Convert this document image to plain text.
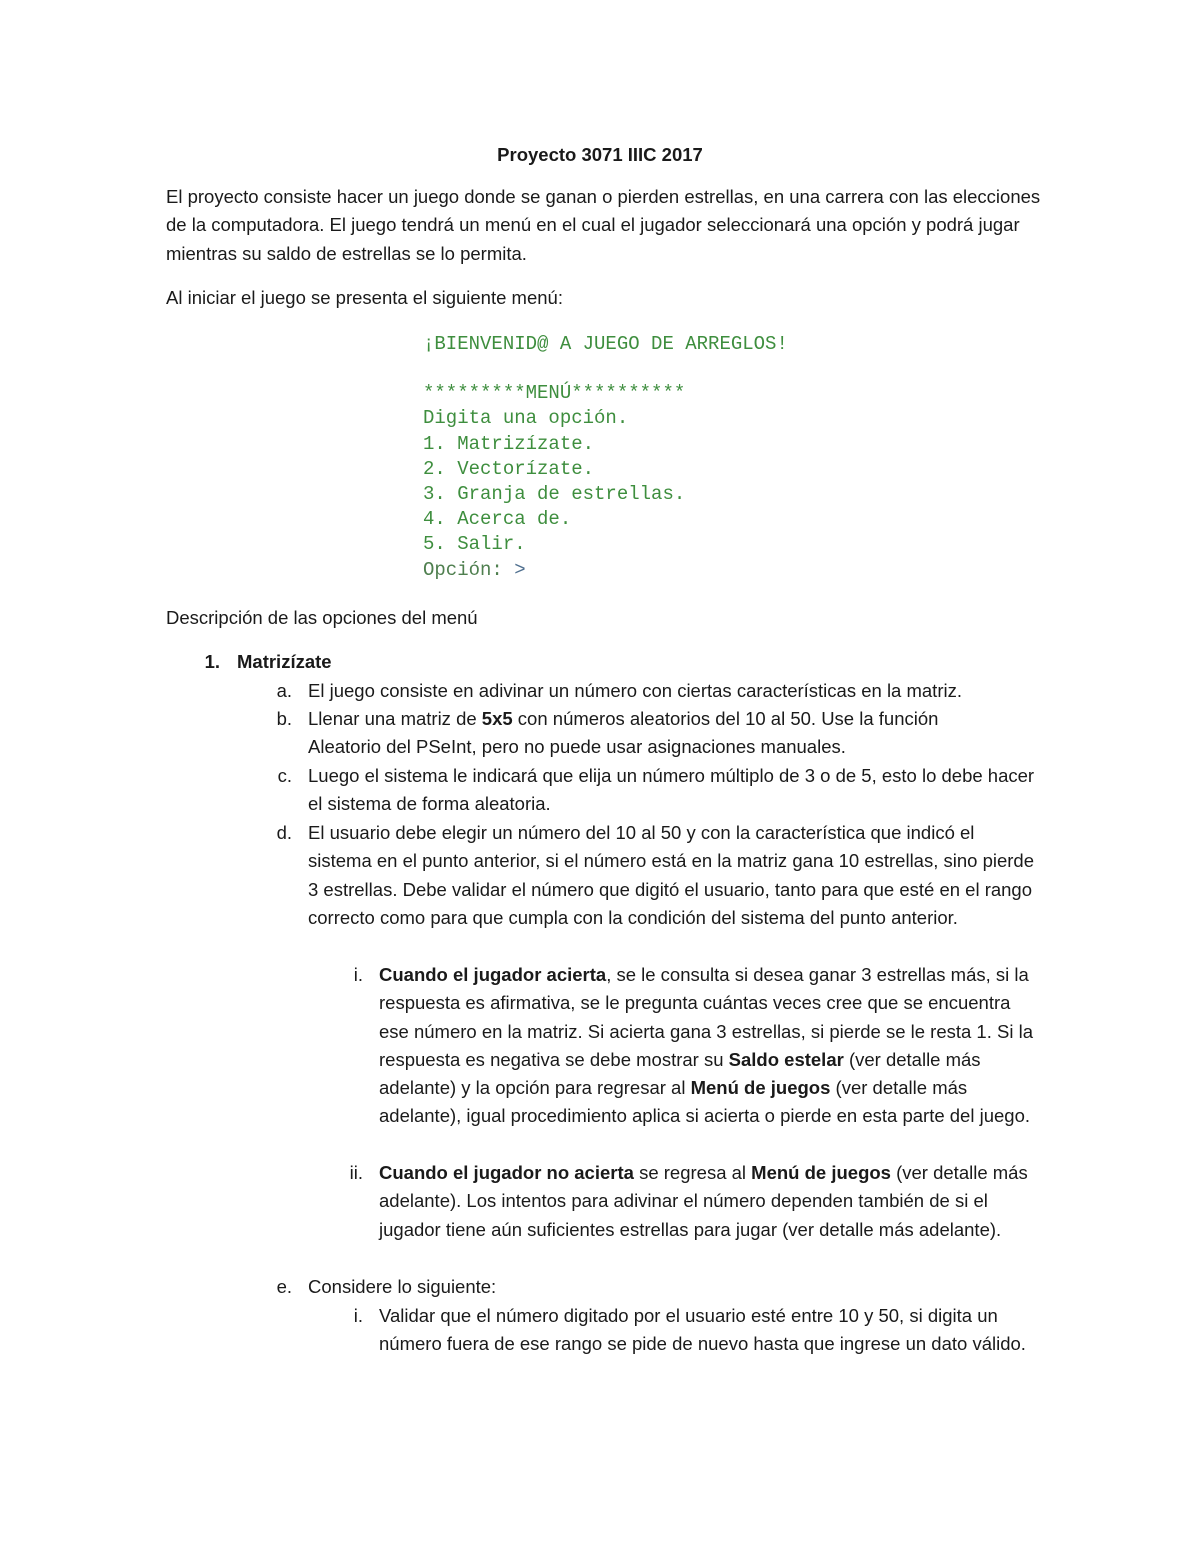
Proyecto 3071 IIIC 2017

El proyecto consiste hacer un juego donde se ganan o pierden estrellas, en una carrera con las elecciones de la computadora. El juego tendrá un menú en el cual el jugador seleccionará una opción y podrá jugar mientras su saldo de estrellas se lo permita.

Al iniciar el juego se presenta el siguiente menú:

¡BIENVENID@ A JUEGO DE ARREGLOS!
*********MENÚ**********
Digita una opción.
1. Matrizízate.
2. Vectorízate.
3. Granja de estrellas.
4. Acerca de.
5. Salir.
Opción: >

Descripción de las opciones del menú

1. Matrizízate
a. El juego consiste en adivinar un número con ciertas características en la matriz.
b. Llenar una matriz de 5x5 con números aleatorios del 10 al 50. Use la función Aleatorio del PSeInt, pero no puede usar asignaciones manuales.
c. Luego el sistema le indicará que elija un número múltiplo de 3 o de 5, esto lo debe hacer el sistema de forma aleatoria.
d. El usuario debe elegir un número del 10 al 50 y con la característica que indicó el sistema en el punto anterior, si el número está en la matriz gana 10 estrellas, sino pierde 3 estrellas. Debe validar el número que digitó el usuario, tanto para que esté en el rango correcto como para que cumpla con la condición del sistema del punto anterior.
i. Cuando el jugador acierta, se le consulta si desea ganar 3 estrellas más, si la respuesta es afirmativa, se le pregunta cuántas veces cree que se encuentra ese número en la matriz. Si acierta gana 3 estrellas, si pierde se le resta 1. Si la respuesta es negativa se debe mostrar su Saldo estelar (ver detalle más adelante) y la opción para regresar al Menú de juegos (ver detalle más adelante), igual procedimiento aplica si acierta o pierde en esta parte del juego.
ii. Cuando el jugador no acierta se regresa al Menú de juegos (ver detalle más adelante). Los intentos para adivinar el número dependen también de si el jugador tiene aún suficientes estrellas para jugar (ver detalle más adelante).
e. Considere lo siguiente:
i. Validar que el número digitado por el usuario esté entre 10 y 50, si digita un número fuera de ese rango se pide de nuevo hasta que ingrese un dato válido.
